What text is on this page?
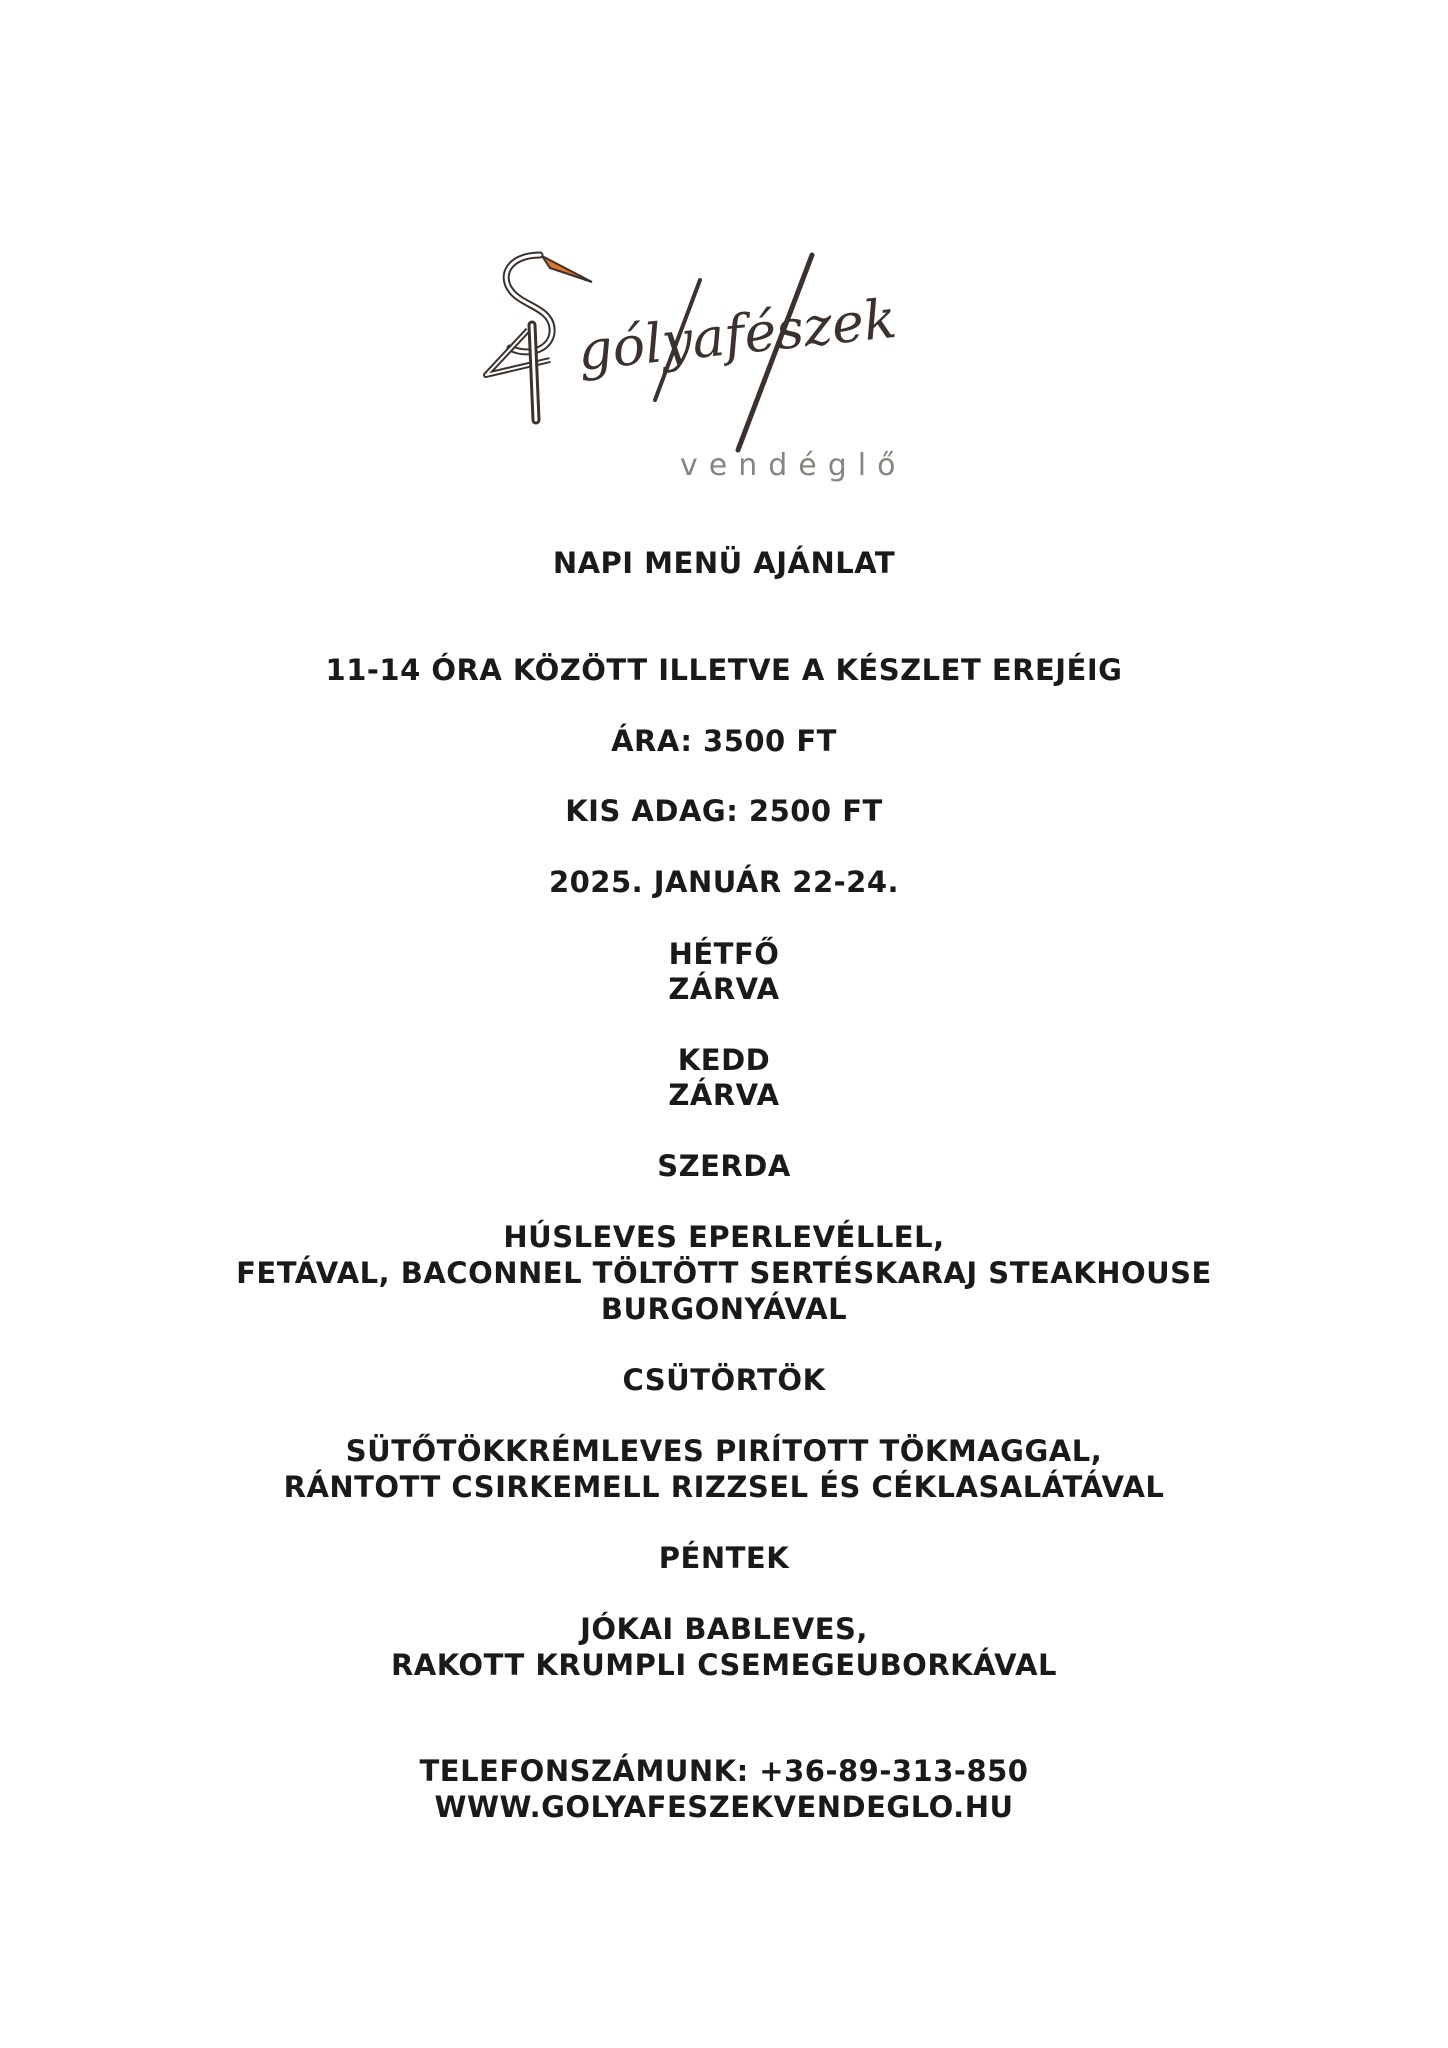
gólyafészek
vendéglő
NAPI MENÜ AJÁNLAT
11-14 ÓRA KÖZÖTT ILLETVE A KÉSZLET EREJÉIG
ÁRA: 3500 FT
KIS ADAG: 2500 FT
2025. JANUÁR 22-24.
HÉTFŐ
ZÁRVA
KEDD
ZÁRVA
SZERDA
HÚSLEVES EPERLEVÉLLEL,
FETÁVAL, BACONNEL TÖLTÖTT SERTÉSKARAJ STEAKHOUSE
BURGONYÁVAL
CSÜTÖRTÖK
SÜTŐTÖKKRÉMLEVES PIRÍTOTT TÖKMAGGAL,
RÁNTOTT CSIRKEMELL RIZZSEL ÉS CÉKLASALÁTÁVAL
PÉNTEK
JÓKAI BABLEVES,
RAKOTT KRUMPLI CSEMEGEUBORKÁVAL
TELEFONSZÁMUNK: +36-89-313-850
WWW.GOLYAFESZEKVENDEGLO.HU
